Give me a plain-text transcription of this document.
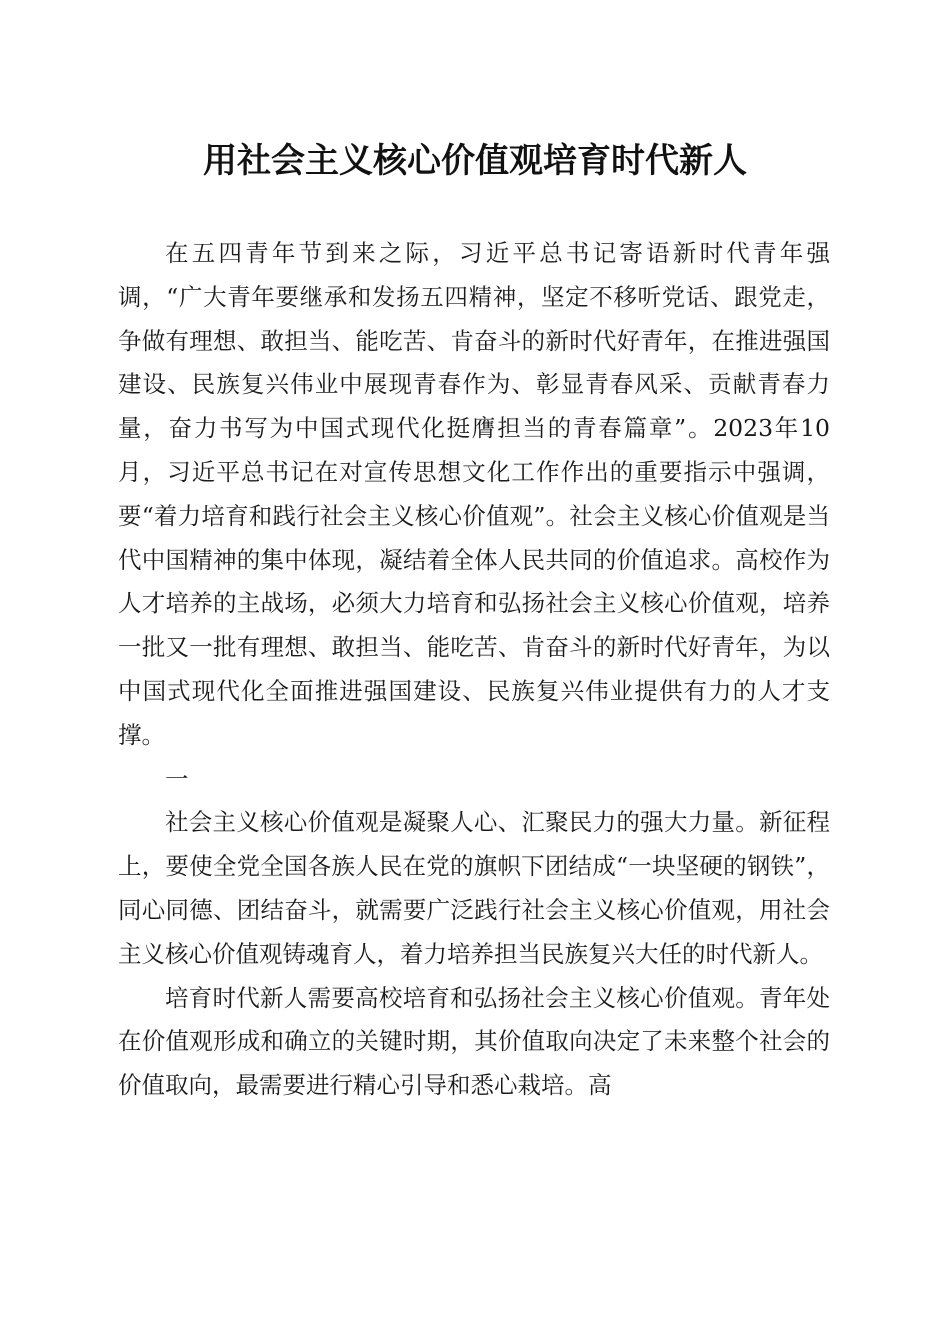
用社会主义核心价值观培育时代新人

在五四青年节到来之际，习近平总书记寄语新时代青年强调，“广大青年要继承和发扬五四精神，坚定不移听党话、跟党走，争做有理想、敢担当、能吃苦、肯奋斗的新时代好青年，在推进强国建设、民族复兴伟业中展现青春作为、彰显青春风采、贡献青春力量，奋力书写为中国式现代化挺膺担当的青春篇章”。2023年10月，习近平总书记在对宣传思想文化工作作出的重要指示中强调，要“着力培育和践行社会主义核心价值观”。社会主义核心价值观是当代中国精神的集中体现，凝结着全体人民共同的价值追求。高校作为人才培养的主战场，必须大力培育和弘扬社会主义核心价值观，培养一批又一批有理想、敢担当、能吃苦、肯奋斗的新时代好青年，为以中国式现代化全面推进强国建设、民族复兴伟业提供有力的人才支撑。

一

社会主义核心价值观是凝聚人心、汇聚民力的强大力量。新征程上，要使全党全国各族人民在党的旗帜下团结成“一块坚硬的钢铁”，同心同德、团结奋斗，就需要广泛践行社会主义核心价值观，用社会主义核心价值观铸魂育人，着力培养担当民族复兴大任的时代新人。

培育时代新人需要高校培育和弘扬社会主义核心价值观。青年处在价值观形成和确立的关键时期，其价值取向决定了未来整个社会的价值取向，最需要进行精心引导和悉心栽培。高
